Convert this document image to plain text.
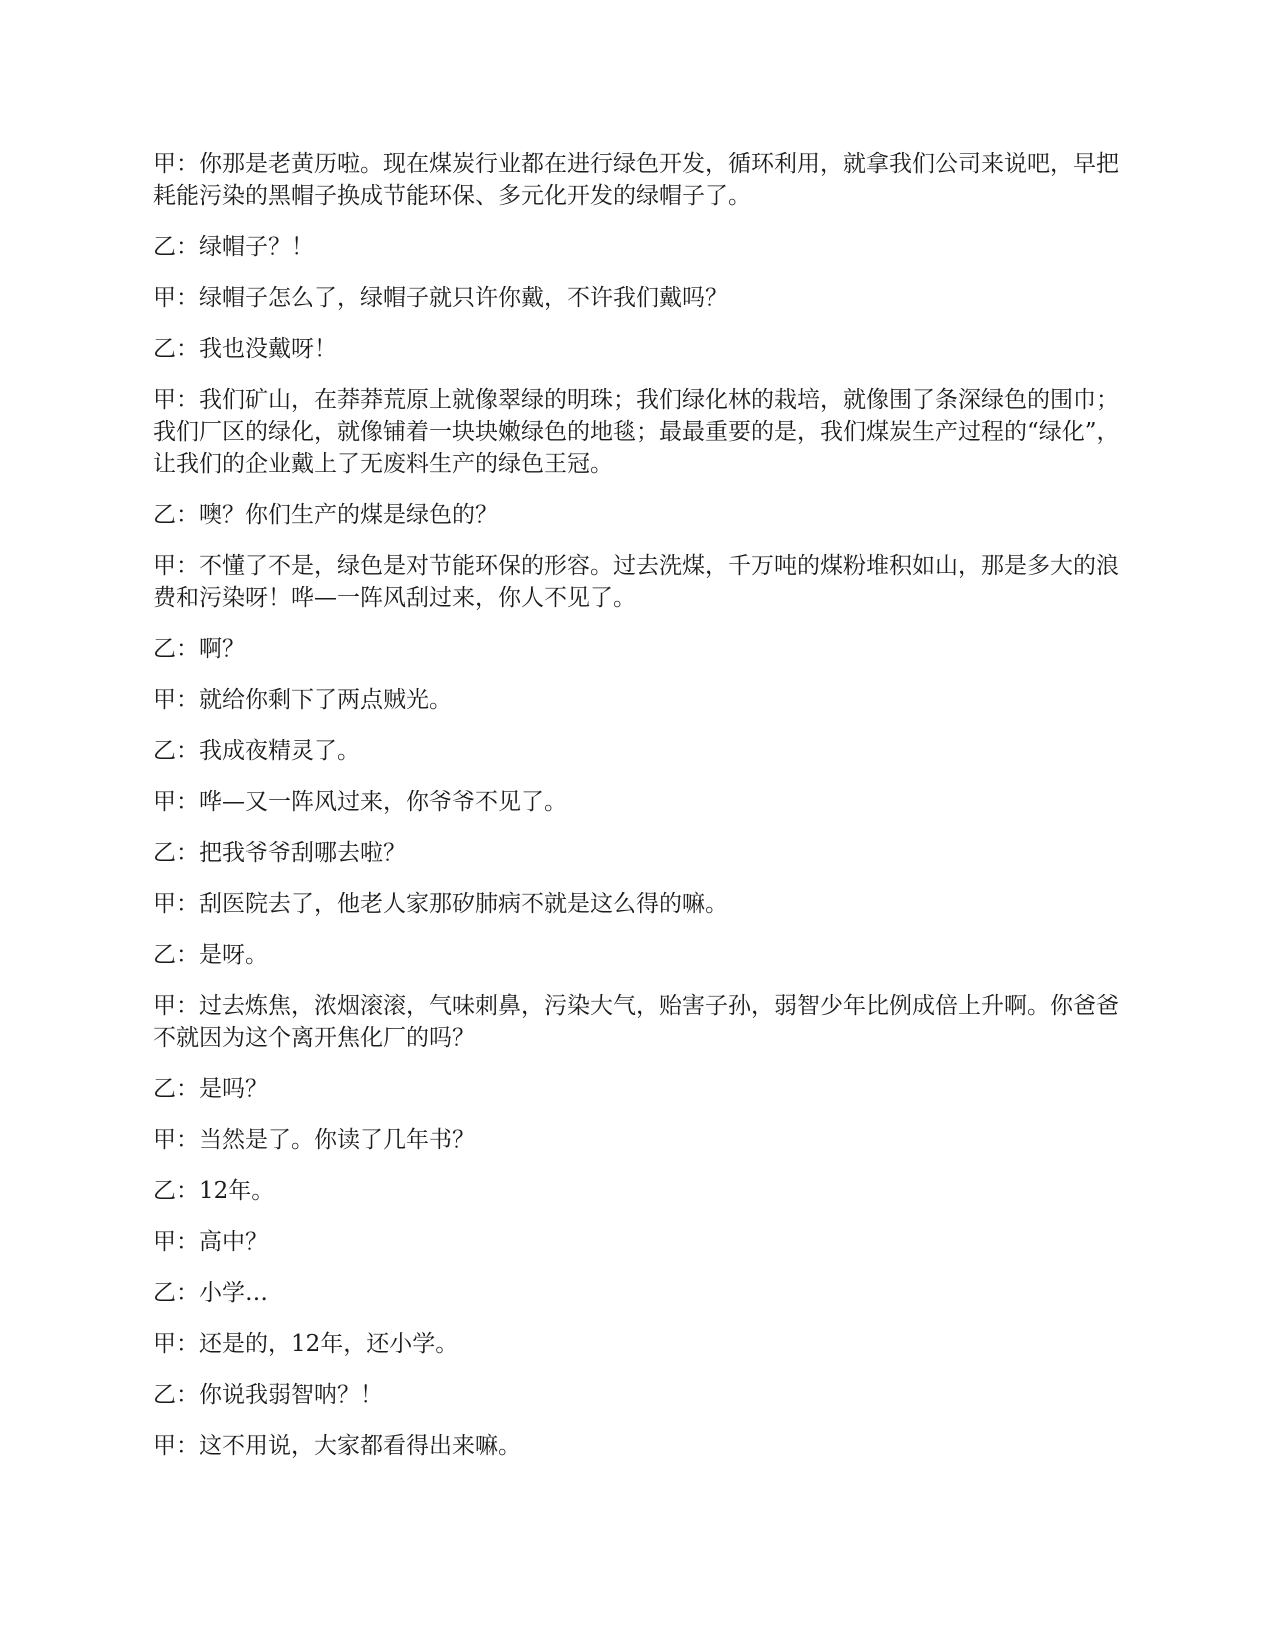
甲：你那是老黄历啦。现在煤炭行业都在进行绿色开发，循环利用，就拿我们公司来说吧，早把耗能污染的黑帽子换成节能环保、多元化开发的绿帽子了。

乙：绿帽子？！

甲：绿帽子怎么了，绿帽子就只许你戴，不许我们戴吗？

乙：我也没戴呀！

甲：我们矿山，在莽莽荒原上就像翠绿的明珠；我们绿化林的栽培，就像围了条深绿色的围巾；我们厂区的绿化，就像铺着一块块嫩绿色的地毯；最最重要的是，我们煤炭生产过程的“绿化”，让我们的企业戴上了无废料生产的绿色王冠。

乙：噢？你们生产的煤是绿色的？

甲：不懂了不是，绿色是对节能环保的形容。过去洗煤，千万吨的煤粉堆积如山，那是多大的浪费和污染呀！哗—一阵风刮过来，你人不见了。

乙：啊？

甲：就给你剩下了两点贼光。

乙：我成夜精灵了。

甲：哗—又一阵风过来，你爷爷不见了。

乙：把我爷爷刮哪去啦？

甲：刮医院去了，他老人家那矽肺病不就是这么得的嘛。

乙：是呀。

甲：过去炼焦，浓烟滚滚，气味刺鼻，污染大气，贻害子孙，弱智少年比例成倍上升啊。你爸爸不就因为这个离开焦化厂的吗？

乙：是吗？

甲：当然是了。你读了几年书？

乙：12年。

甲：高中？

乙：小学…

甲：还是的，12年，还小学。

乙：你说我弱智呐？！

甲：这不用说，大家都看得出来嘛。
